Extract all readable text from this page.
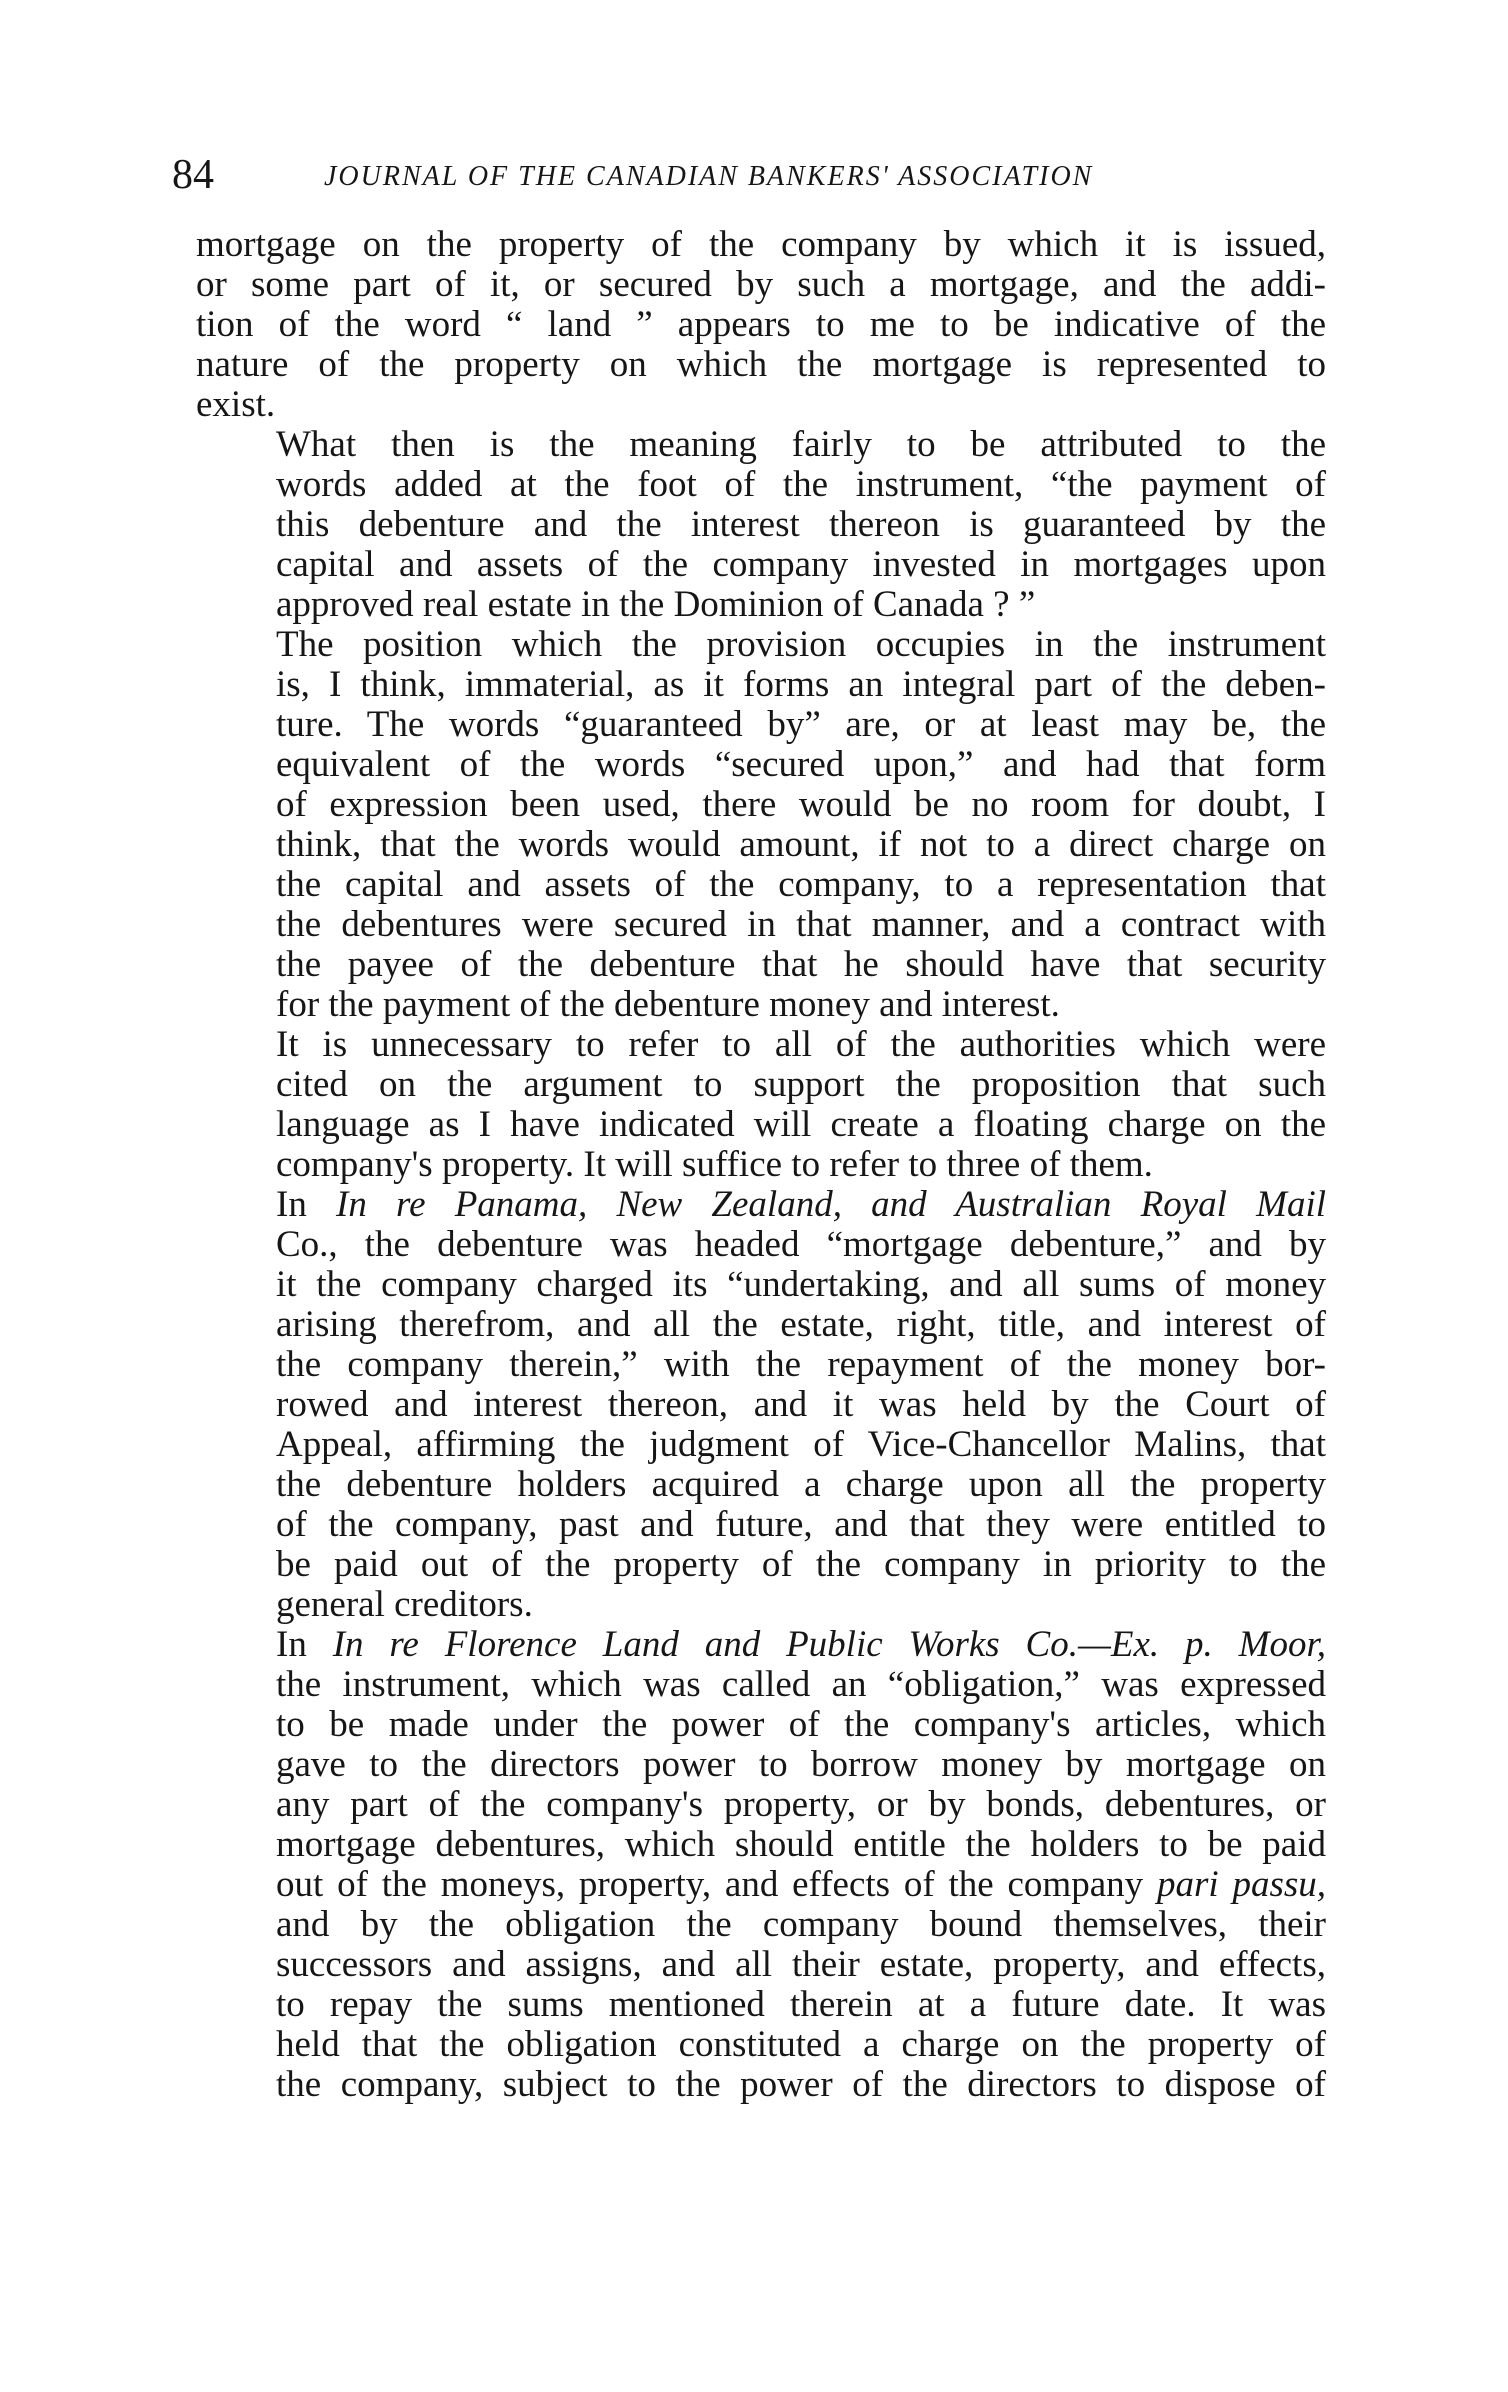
84	JOURNAL OF THE CANADIAN BANKERS' ASSOCIATION

mortgage on the property of the company by which it is issued,
or some part of it, or secured by such a mortgage, and the addi-
tion of the word “ land ” appears to me to be indicative of the
nature of the property on which the mortgage is represented to
exist.

What then is the meaning fairly to be attributed to the
words added at the foot of the instrument, “the payment of
this debenture and the interest thereon is guaranteed by the
capital and assets of the company invested in mortgages upon
approved real estate in the Dominion of Canada ? ”

The position which the provision occupies in the instrument
is, I think, immaterial, as it forms an integral part of the deben-
ture. The words “guaranteed by” are, or at least may be, the
equivalent of the words “secured upon,” and had that form
of expression been used, there would be no room for doubt, I
think, that the words would amount, if not to a direct charge on
the capital and assets of the company, to a representation that
the debentures were secured in that manner, and a contract with
the payee of the debenture that he should have that security
for the payment of the debenture money and interest.

It is unnecessary to refer to all of the authorities which were
cited on the argument to support the proposition that such
language as I have indicated will create a floating charge on the
company's property. It will suffice to refer to three of them.

In In re Panama, New Zealand, and Australian Royal Mail
Co., the debenture was headed “mortgage debenture,” and by
it the company charged its “undertaking, and all sums of money
arising therefrom, and all the estate, right, title, and interest of
the company therein,” with the repayment of the money bor-
rowed and interest thereon, and it was held by the Court of
Appeal, affirming the judgment of Vice-Chancellor Malins, that
the debenture holders acquired a charge upon all the property
of the company, past and future, and that they were entitled to
be paid out of the property of the company in priority to the
general creditors.

In In re Florence Land and Public Works Co.—Ex. p. Moor,
the instrument, which was called an “obligation,” was expressed
to be made under the power of the company's articles, which
gave to the directors power to borrow money by mortgage on
any part of the company's property, or by bonds, debentures, or
mortgage debentures, which should entitle the holders to be paid
out of the moneys, property, and effects of the company pari passu,
and by the obligation the company bound themselves, their
successors and assigns, and all their estate, property, and effects,
to repay the sums mentioned therein at a future date. It was
held that the obligation constituted a charge on the property of
the company, subject to the power of the directors to dispose of
